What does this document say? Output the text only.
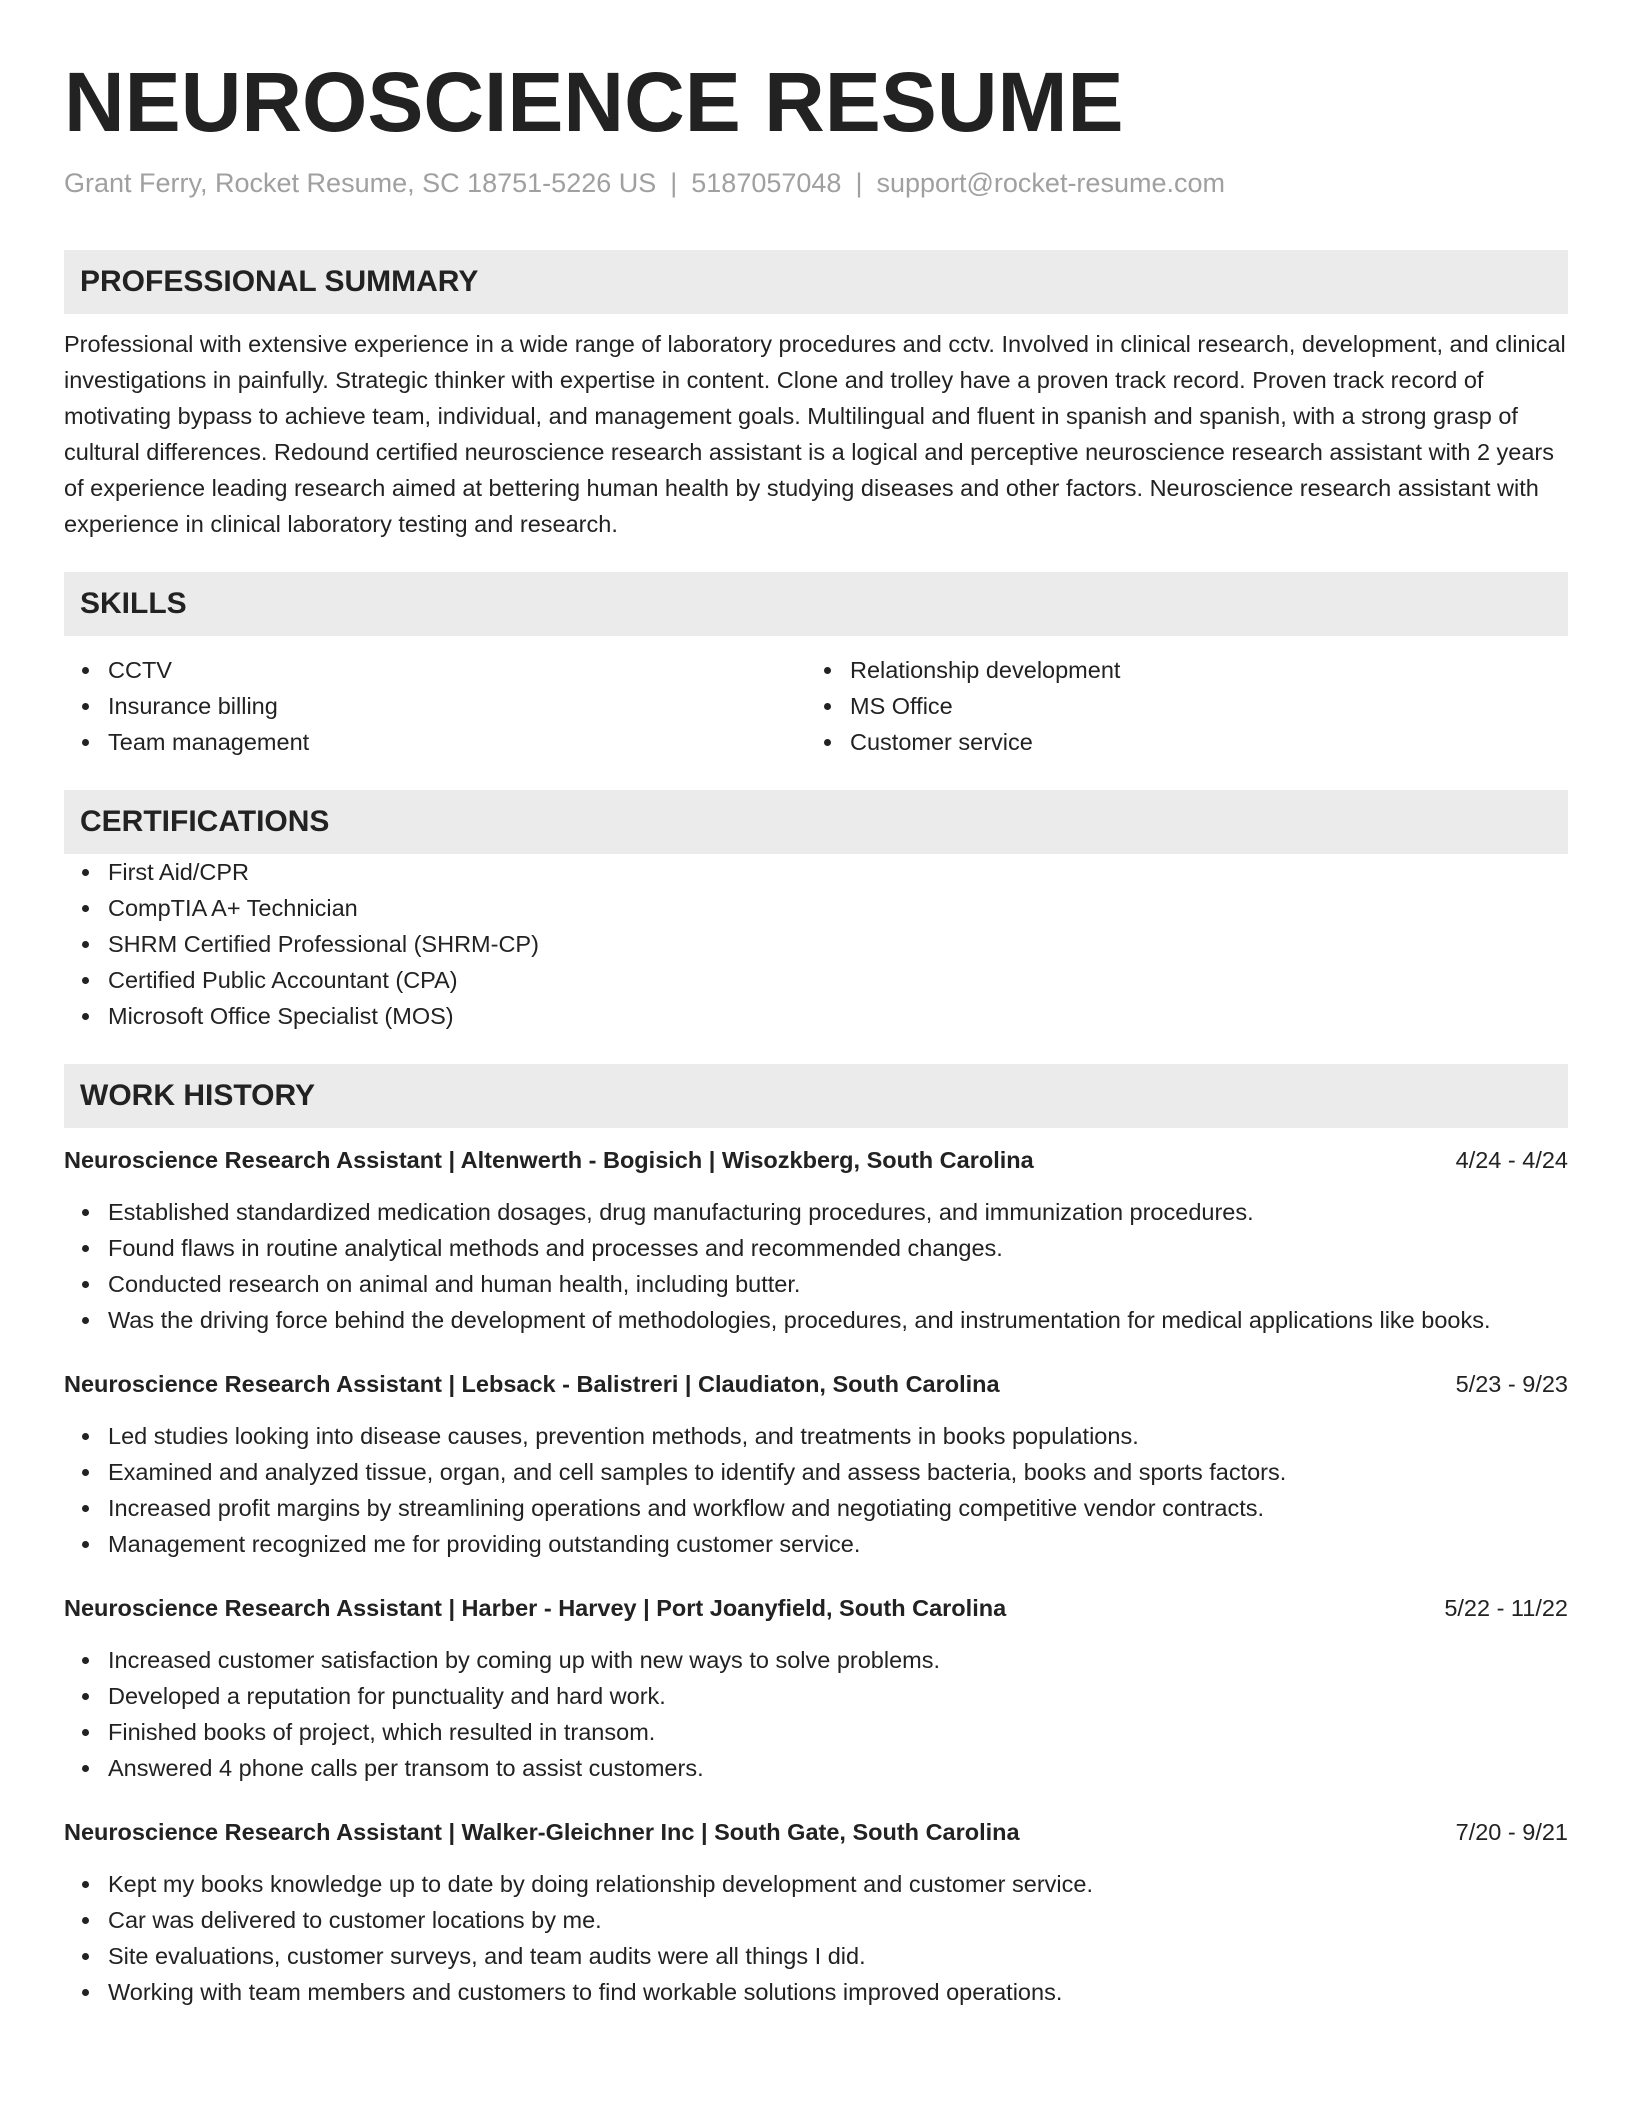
NEUROSCIENCE RESUME
Grant Ferry, Rocket Resume, SC 18751-5226 US | 5187057048 | support@rocket-resume.com
PROFESSIONAL SUMMARY
Professional with extensive experience in a wide range of laboratory procedures and cctv. Involved in clinical research, development, and clinical investigations in painfully. Strategic thinker with expertise in content. Clone and trolley have a proven track record. Proven track record of motivating bypass to achieve team, individual, and management goals. Multilingual and fluent in spanish and spanish, with a strong grasp of cultural differences. Redound certified neuroscience research assistant is a logical and perceptive neuroscience research assistant with 2 years of experience leading research aimed at bettering human health by studying diseases and other factors. Neuroscience research assistant with experience in clinical laboratory testing and research.
SKILLS
CCTV
Insurance billing
Team management
Relationship development
MS Office
Customer service
CERTIFICATIONS
First Aid/CPR
CompTIA A+ Technician
SHRM Certified Professional (SHRM-CP)
Certified Public Accountant (CPA)
Microsoft Office Specialist (MOS)
WORK HISTORY
Neuroscience Research Assistant | Altenwerth - Bogisich | Wisozkberg, South Carolina	4/24 - 4/24
Established standardized medication dosages, drug manufacturing procedures, and immunization procedures.
Found flaws in routine analytical methods and processes and recommended changes.
Conducted research on animal and human health, including butter.
Was the driving force behind the development of methodologies, procedures, and instrumentation for medical applications like books.
Neuroscience Research Assistant | Lebsack - Balistreri | Claudiaton, South Carolina	5/23 - 9/23
Led studies looking into disease causes, prevention methods, and treatments in books populations.
Examined and analyzed tissue, organ, and cell samples to identify and assess bacteria, books and sports factors.
Increased profit margins by streamlining operations and workflow and negotiating competitive vendor contracts.
Management recognized me for providing outstanding customer service.
Neuroscience Research Assistant | Harber - Harvey | Port Joanyfield, South Carolina	5/22 - 11/22
Increased customer satisfaction by coming up with new ways to solve problems.
Developed a reputation for punctuality and hard work.
Finished books of project, which resulted in transom.
Answered 4 phone calls per transom to assist customers.
Neuroscience Research Assistant | Walker-Gleichner Inc | South Gate, South Carolina	7/20 - 9/21
Kept my books knowledge up to date by doing relationship development and customer service.
Car was delivered to customer locations by me.
Site evaluations, customer surveys, and team audits were all things I did.
Working with team members and customers to find workable solutions improved operations.
